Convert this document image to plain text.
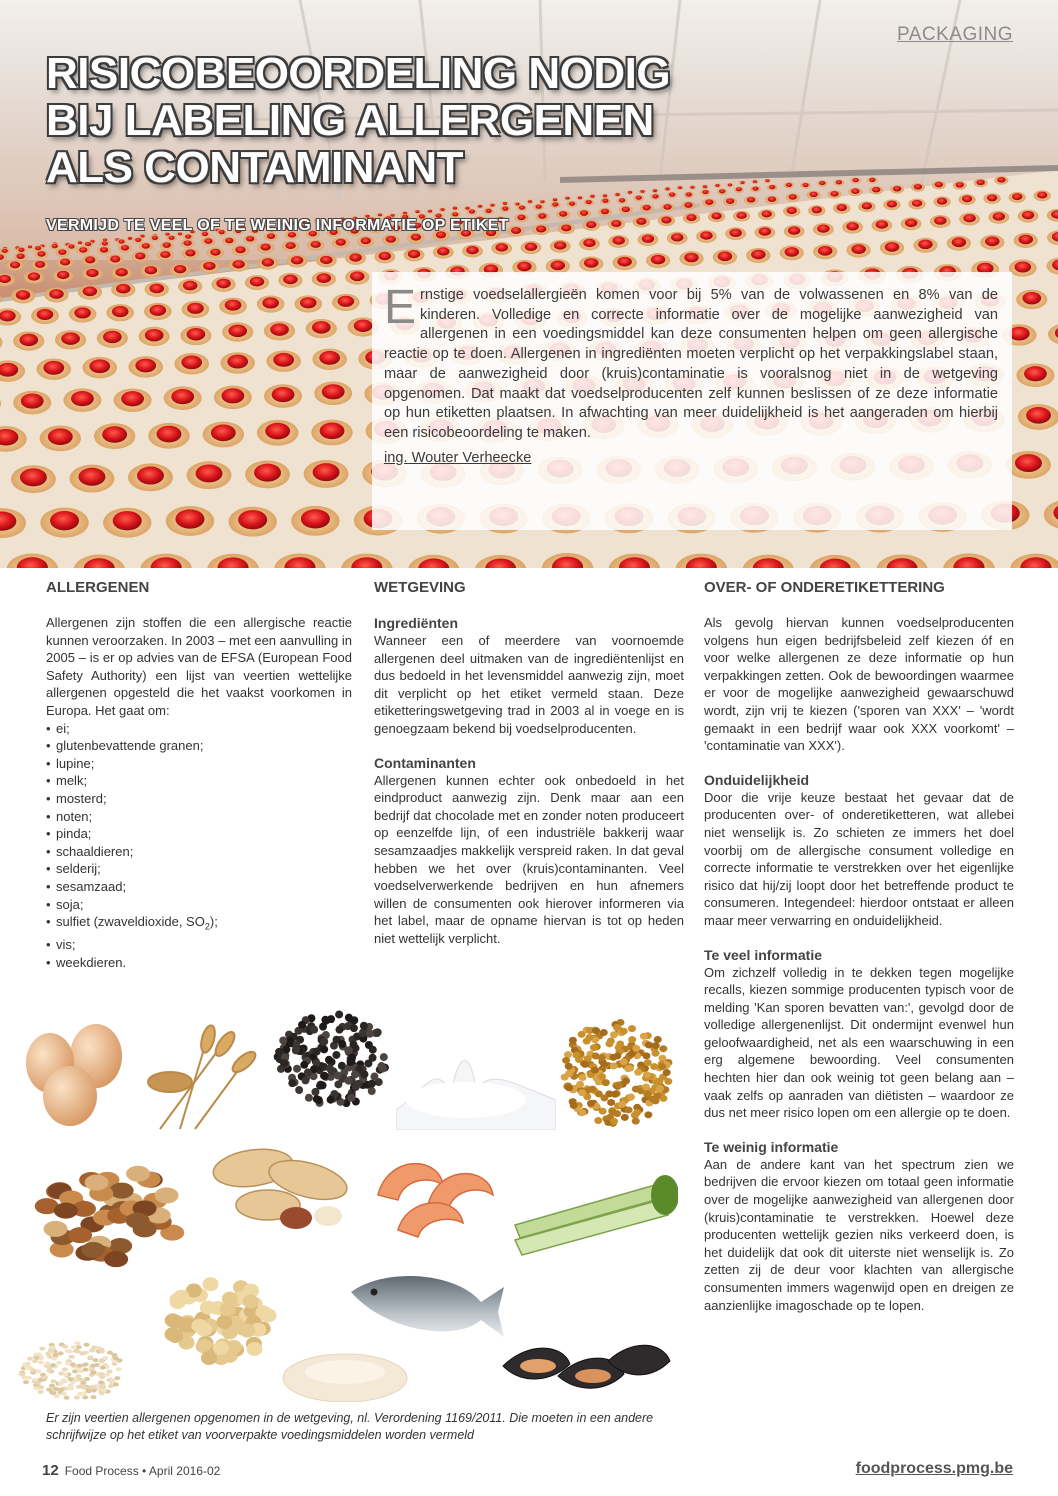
PACKAGING
RISICOBEOORDELING NODIG
BIJ LABELING ALLERGENEN
ALS CONTAMINANT
VERMIJD TE VEEL OF TE WEINIG INFORMATIE OP ETIKET

Ernstige voedselallergieën komen voor bij 5% van de volwassenen en 8% van de kinderen. Volledige en correcte informatie over de mogelijke aanwezigheid van allergenen in een voedingsmiddel kan deze consumenten helpen om geen allergische reactie op te doen. Allergenen in ingrediënten moeten verplicht op het verpakkingslabel staan, maar de aanwezigheid door (kruis)contaminatie is vooralsnog niet in de wetgeving opgenomen. Dat maakt dat voedselproducenten zelf kunnen beslissen of ze deze informatie op hun etiketten plaatsen. In afwachting van meer duidelijkheid is het aangeraden om hierbij een risicobeoordeling te maken.

ing. Wouter Verheecke
ALLERGENEN

Allergenen zijn stoffen die een allergische reactie kunnen veroorzaken. In 2003 – met een aanvulling in 2005 – is er op advies van de EFSA (European Food Safety Authority) een lijst van veertien wettelijke allergenen opgesteld die het vaakst voorkomen in Europa. Het gaat om:

• ei;
• glutenbevattende granen;
• lupine;
• melk;
• mosterd;
• noten;
• pinda;
• schaaldieren;
• selderij;
• sesamzaad;
• soja;
• sulfiet (zwaveldioxide, $SO_2$);
• vis;
• weekdieren.
WETGEVING
Ingrediënten

Wanneer een of meerdere van voornoemde allergenen deel uitmaken van de ingrediëntenlijst en dus bedoeld in het levensmiddel aanwezig zijn, moet dit verplicht op het etiket vermeld staan. Deze etiketteringswetgeving trad in 2003 al in voege en is genoegzaam bekend bij voedselproducenten.

Contaminanten

Allergenen kunnen echter ook onbedoeld in het eindproduct aanwezig zijn. Denk maar aan een bedrijf dat chocolade met en zonder noten produceert op eenzelfde lijn, of een industriële bakkerij waar sesamzaadjes makkelijk verspreid raken. In dat geval hebben we het over (kruis)contaminanten. Veel voedselverwerkende bedrijven en hun afnemers willen de consumenten ook hierover informeren via het label, maar de opname hiervan is tot op heden niet wettelijk verplicht.

OVER- OF ONDERETIKETTERING

Als gevolg hiervan kunnen voedselproducenten volgens hun eigen bedrijfsbeleid zelf kiezen óf en voor welke allergenen ze deze informatie op hun verpakkingen zetten. Ook de bewoordingen waarmee er voor de mogelijke aanwezigheid gewaarschuwd wordt, zijn vrij te kiezen ('sporen van XXX' – 'wordt gemaakt in een bedrijf waar ook XXX voorkomt' – 'contaminatie van XXX').

Onduidelijkheid

Door die vrije keuze bestaat het gevaar dat de producenten over- of onderetiketteren, wat allebei niet wenselijk is. Zo schieten ze immers het doel voorbij om de allergische consument volledige en correcte informatie te verstrekken over het eigenlijke risico dat hij/zij loopt door het betreffende product te consumeren. Integendeel: hierdoor ontstaat er alleen maar meer verwarring en onduidelijkheid.

Te veel informatie

Om zichzelf volledig in te dekken tegen mogelijke recalls, kiezen sommige producenten typisch voor de melding 'Kan sporen bevatten van:', gevolgd door de volledige allergenenlijst. Dit ondermijnt evenwel hun geloofwaardigheid, net als een waarschuwing in een erg algemene bewoording. Veel consumenten hechten hier dan ook weinig tot geen belang aan – vaak zelfs op aanraden van diëtisten – waardoor ze dus net meer risico lopen om een allergie op te doen.

Te weinig informatie

Aan de andere kant van het spectrum zien we bedrijven die ervoor kiezen om totaal geen informatie over de mogelijke aanwezigheid van allergenen door (kruis)contaminatie te verstrekken. Hoewel deze producenten wettelijk gezien niks verkeerd doen, is het duidelijk dat ook dit uiterste niet wenselijk is. Zo zetten zij de deur voor klachten van allergische consumenten immers wagenwijd open en dreigen ze aanzienlijke imagoschade op te lopen.

Er zijn veertien allergenen opgenomen in de wetgeving, nl. Verordening 1169/2011. Die moeten in een andere schrijfwijze op het etiket van voorverpakte voedingsmiddelen worden vermeld
12 Food Process • April 2016-02	foodprocess.pmg.be
